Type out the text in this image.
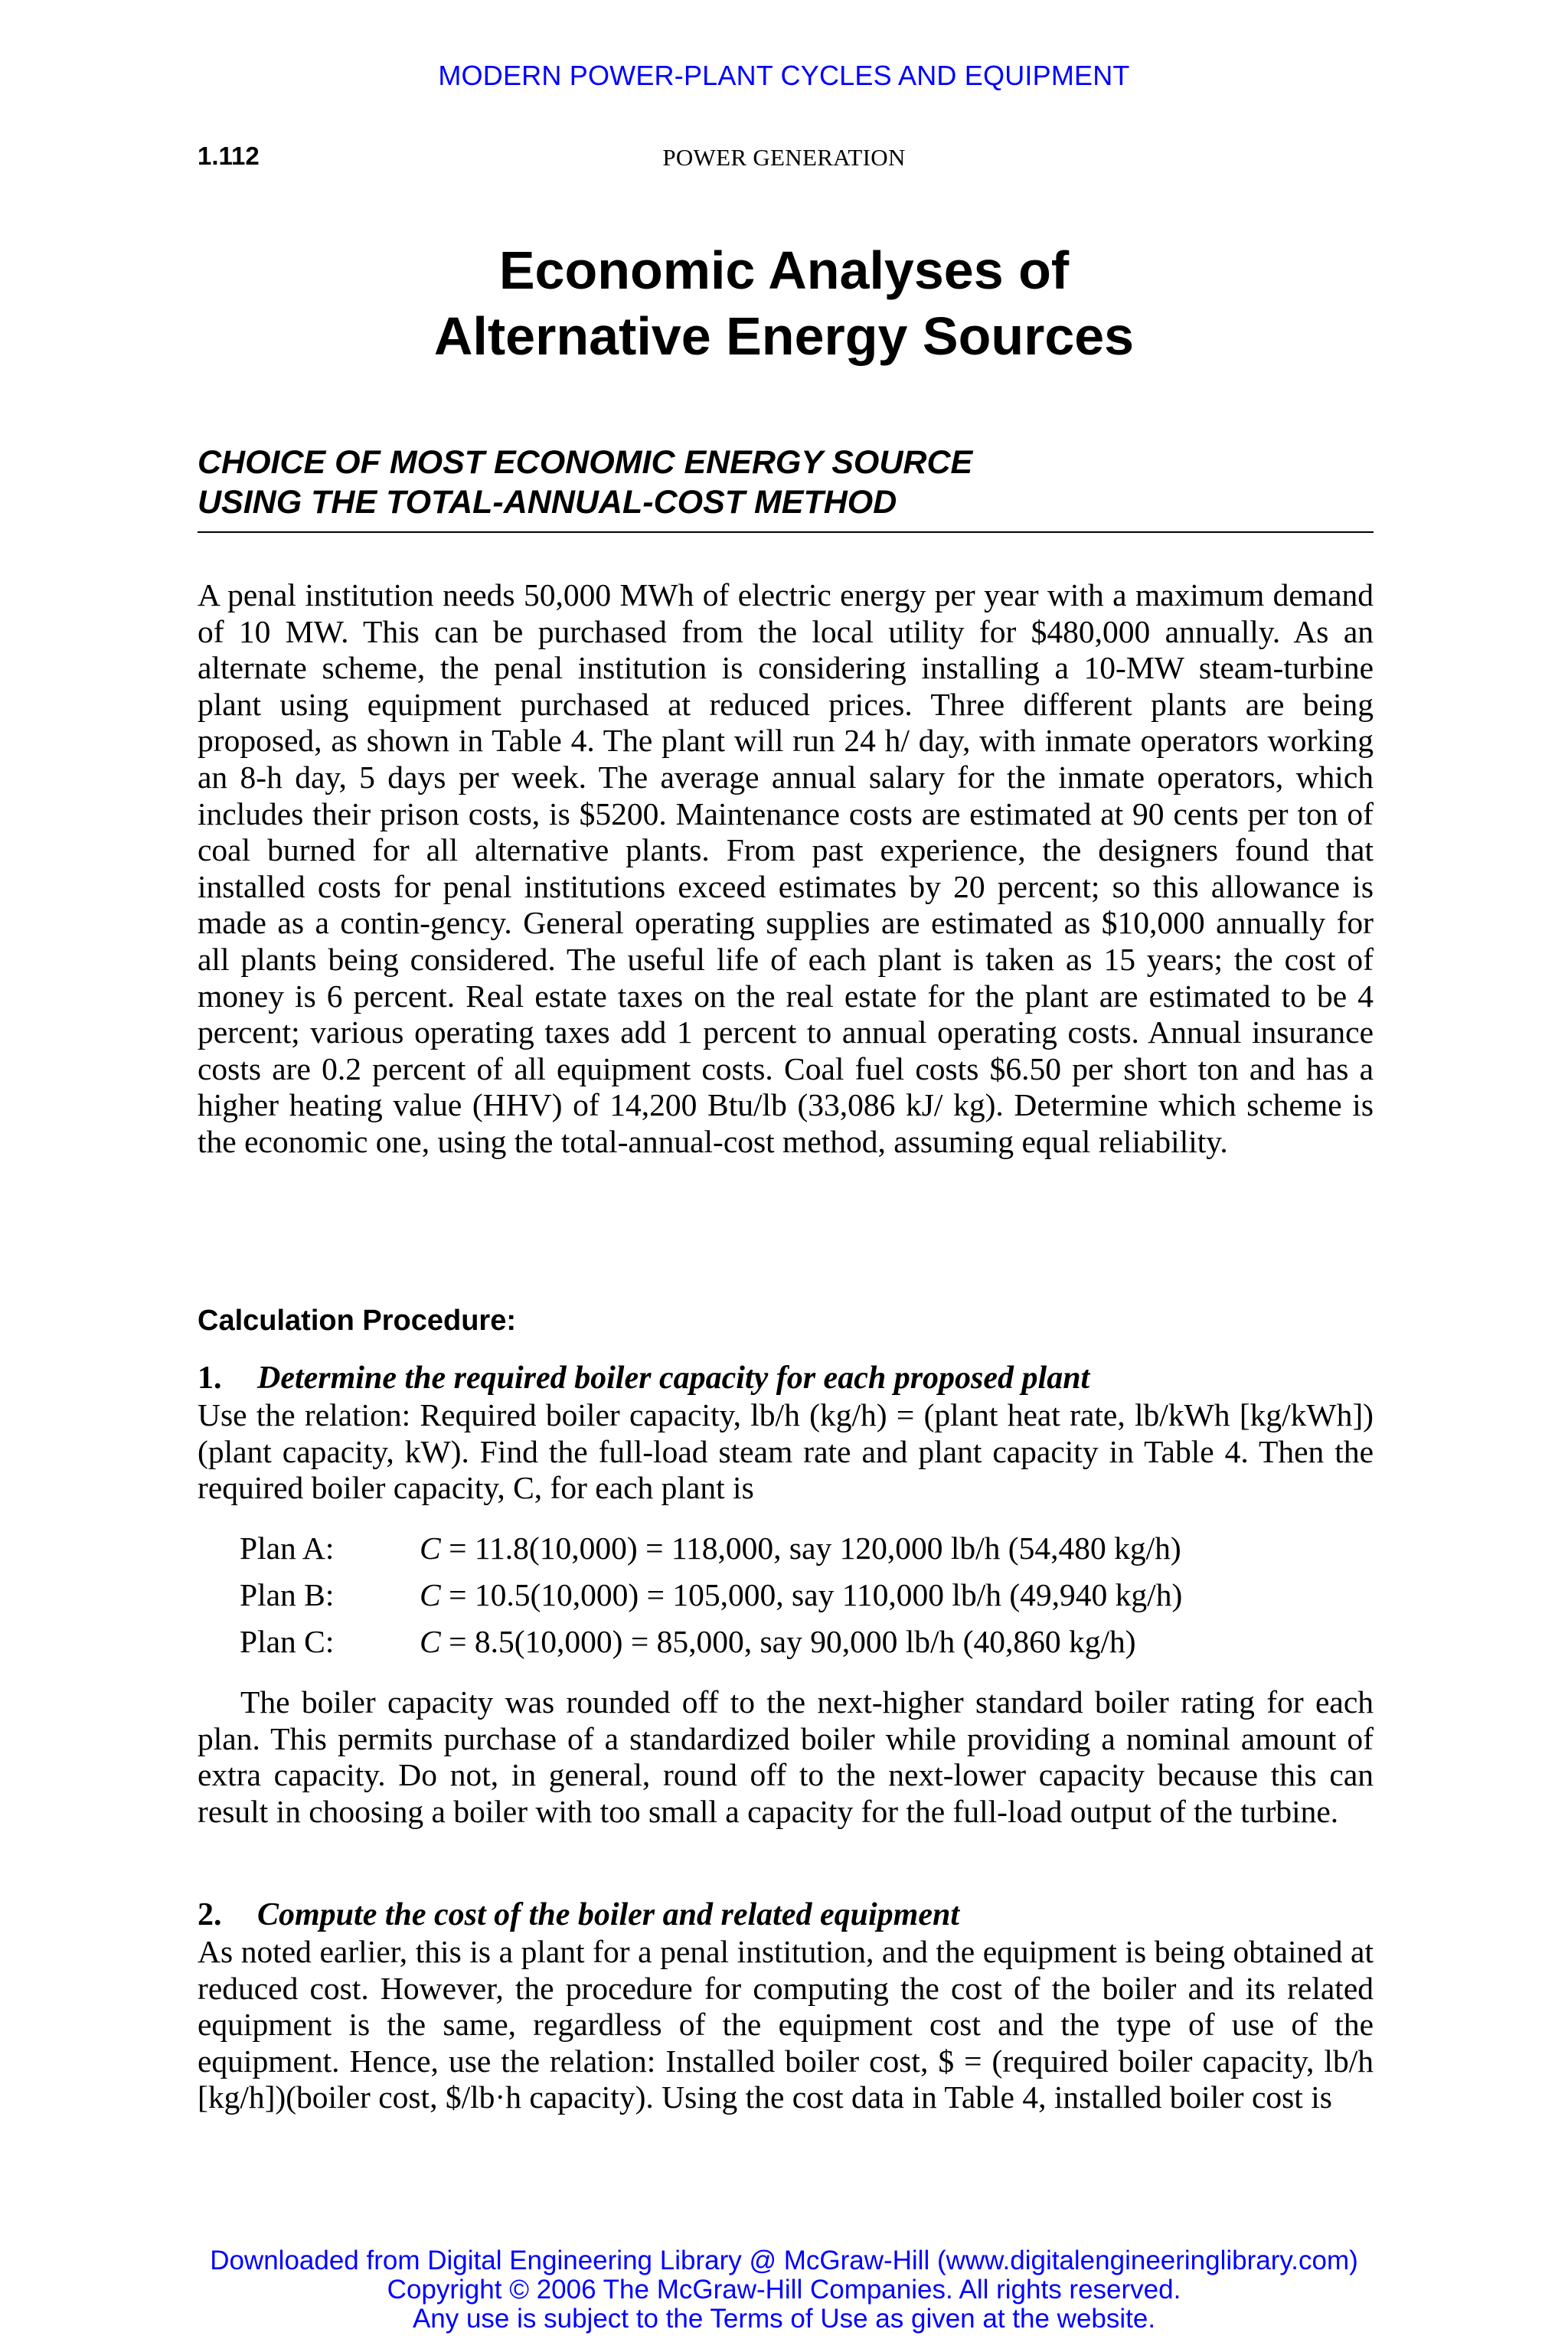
MODERN POWER-PLANT CYCLES AND EQUIPMENT
1.112	POWER GENERATION
Economic Analyses of
Alternative Energy Sources
CHOICE OF MOST ECONOMIC ENERGY SOURCE
USING THE TOTAL-ANNUAL-COST METHOD

A penal institution needs 50,000 MWh of electric energy per year with a maximum demand of 10 MW. This can be purchased from the local utility for $480,000 annually. As an alternate scheme, the penal institution is considering installing a 10-MW steam-turbine plant using equipment purchased at reduced prices. Three different plants are being proposed, as shown in Table 4. The plant will run 24 h/ day, with inmate operators working an 8-h day, 5 days per week. The average annual salary for the inmate operators, which includes their prison costs, is $5200. Maintenance costs are estimated at 90 cents per ton of coal burned for all alternative plants. From past experience, the designers found that installed costs for penal institutions exceed estimates by 20 percent; so this allowance is made as a contin-gency. General operating supplies are estimated as $10,000 annually for all plants being considered. The useful life of each plant is taken as 15 years; the cost of money is 6 percent. Real estate taxes on the real estate for the plant are estimated to be 4 percent; various operating taxes add 1 percent to annual operating costs. Annual insurance costs are 0.2 percent of all equipment costs. Coal fuel costs $6.50 per short ton and has a higher heating value (HHV) of 14,200 Btu/lb (33,086 kJ/ kg). Determine which scheme is the economic one, using the total-annual-cost method, assuming equal reliability.

Calculation Procedure:
1. Determine the required boiler capacity for each proposed plant

Use the relation: Required boiler capacity, lb/h (kg/h) = (plant heat rate, lb/kWh [kg/kWh])(plant capacity, kW). Find the full-load steam rate and plant capacity in Table 4. Then the required boiler capacity, C, for each plant is

Plan A:	C = 11.8(10,000) = 118,000, say 120,000 lb/h (54,480 kg/h)
Plan B:	C = 10.5(10,000) = 105,000, say 110,000 lb/h (49,940 kg/h)
Plan C:	C = 8.5(10,000) = 85,000, say 90,000 lb/h (40,860 kg/h)

The boiler capacity was rounded off to the next-higher standard boiler rating for each plan. This permits purchase of a standardized boiler while providing a nominal amount of extra capacity. Do not, in general, round off to the next-lower capacity because this can result in choosing a boiler with too small a capacity for the full-load output of the turbine.

2. Compute the cost of the boiler and related equipment

As noted earlier, this is a plant for a penal institution, and the equipment is being obtained at reduced cost. However, the procedure for computing the cost of the boiler and its related equipment is the same, regardless of the equipment cost and the type of use of the equipment. Hence, use the relation: Installed boiler cost, $ = (required boiler capacity, lb/h [kg/h])(boiler cost, $/lb·h capacity). Using the cost data in Table 4, installed boiler cost is

Downloaded from Digital Engineering Library @ McGraw-Hill (www.digitalengineeringlibrary.com)
Copyright © 2006 The McGraw-Hill Companies. All rights reserved.
Any use is subject to the Terms of Use as given at the website.
